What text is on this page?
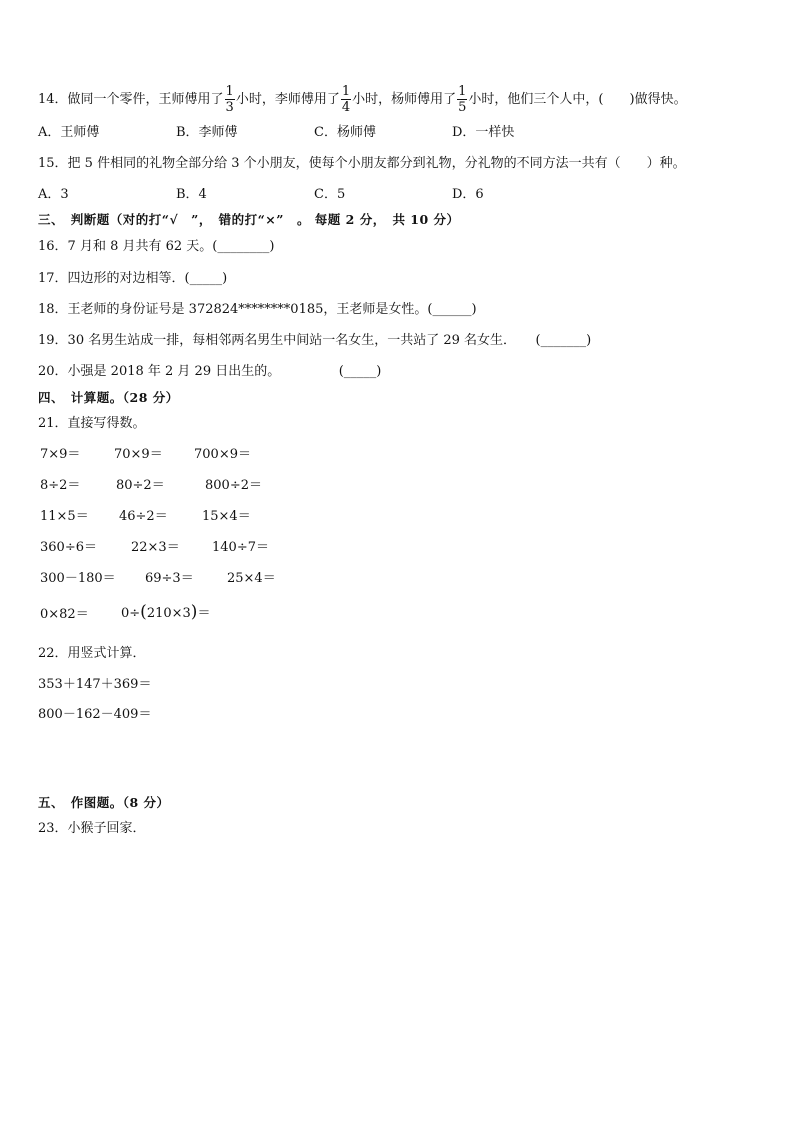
14．做同一个零件，王师傅用了 $\frac{1}{3}$ 小时，李师傅用了 $\frac{1}{4}$ 小时，杨师傅用了 $\frac{1}{5}$ 小时，他们三个人中，(　　)做得快。
A．王师傅	B．李师傅	C．杨师傅	D．一样快
15．把 5 件相同的礼物全部分给 3 个小朋友，使每个小朋友都分到礼物，分礼物的不同方法一共有（　　）种。
A．3	B．4	C．5	D．6
三、　判断题（对的打“√　”，　错的打“×”　。 每题 2 分，　共 10 分）
16．7 月和 8 月共有 62 天。(________)
17．四边形的对边相等．(_____)
18．王老师的身份证号是 372824********0185，王老师是女性。(______)
19．30 名男生站成一排，每相邻两名男生中间站一名女生，一共站了 29 名女生．　　(_______)
20．小强是 2018 年 2 月 29 日出生的。　　　　　(_____)
四、　计算题。（28 分）
21．直接写得数。
7×9＝	70×9＝ 700×9＝
8÷2＝	80÷2＝	800÷2＝
11×5＝ 46÷2＝	15×4＝
360÷6＝	22×3＝ 140÷7＝
300－180＝ 69÷3＝	25×4＝
0×82＝ 0÷(210×3)＝
22．用竖式计算．
353＋147＋369＝
800－162－409＝
五、　作图题。（8 分）
23．小猴子回家．
